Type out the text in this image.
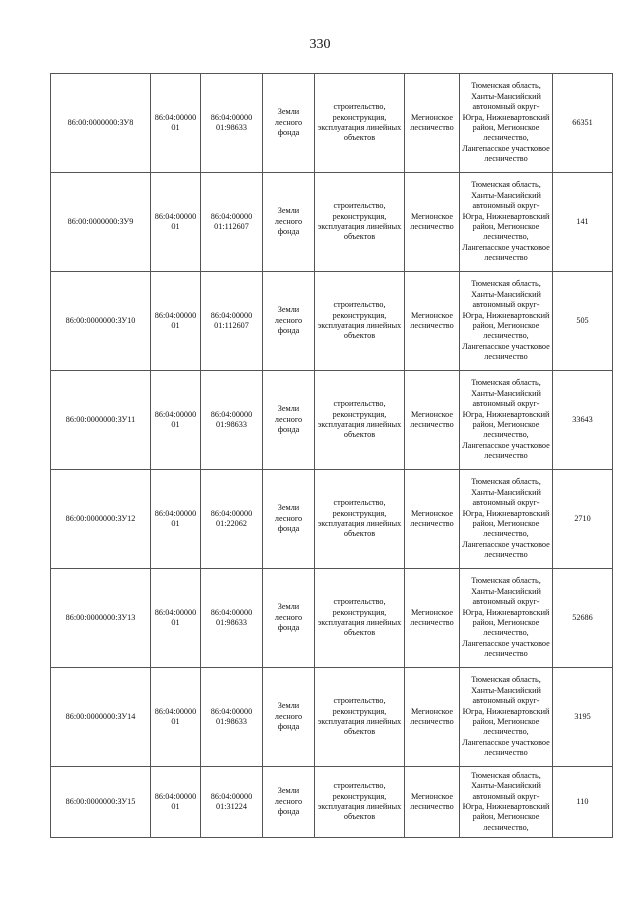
330
86:00:0000000:ЗУ8	86:04:00000 01	86:04:00000 01:98633	Земли лесного фонда	строительство, реконструкция, эксплуатация линейных объектов	Мегионское лесничество	Тюменская область, Ханты-Мансийский автономный округ-Югра, Нижневартовский район, Мегионское лесничество, Лангепасское участковое лесничество	66351
86:00:0000000:ЗУ9	86:04:00000 01	86:04:00000 01:112607	Земли лесного фонда	строительство, реконструкция, эксплуатация линейных объектов	Мегионское лесничество	Тюменская область, Ханты-Мансийский автономный округ-Югра, Нижневартовский район, Мегионское лесничество, Лангепасское участковое лесничество	141
86:00:0000000:ЗУ10	86:04:00000 01	86:04:00000 01:112607	Земли лесного фонда	строительство, реконструкция, эксплуатация линейных объектов	Мегионское лесничество	Тюменская область, Ханты-Мансийский автономный округ-Югра, Нижневартовский район, Мегионское лесничество, Лангепасское участковое лесничество	505
86:00:0000000:ЗУ11	86:04:00000 01	86:04:00000 01:98633	Земли лесного фонда	строительство, реконструкция, эксплуатация линейных объектов	Мегионское лесничество	Тюменская область, Ханты-Мансийский автономный округ-Югра, Нижневартовский район, Мегионское лесничество, Лангепасское участковое лесничество	33643
86:00:0000000:ЗУ12	86:04:00000 01	86:04:00000 01:22062	Земли лесного фонда	строительство, реконструкция, эксплуатация линейных объектов	Мегионское лесничество	Тюменская область, Ханты-Мансийский автономный округ-Югра, Нижневартовский район, Мегионское лесничество, Лангепасское участковое лесничество	2710
86:00:0000000:ЗУ13	86:04:00000 01	86:04:00000 01:98633	Земли лесного фонда	строительство, реконструкция, эксплуатация линейных объектов	Мегионское лесничество	Тюменская область, Ханты-Мансийский автономный округ-Югра, Нижневартовский район, Мегионское лесничество, Лангепасское участковое лесничество	52686
86:00:0000000:ЗУ14	86:04:00000 01	86:04:00000 01:98633	Земли лесного фонда	строительство, реконструкция, эксплуатация линейных объектов	Мегионское лесничество	Тюменская область, Ханты-Мансийский автономный округ-Югра, Нижневартовский район, Мегионское лесничество, Лангепасское участковое лесничество	3195
86:00:0000000:ЗУ15	86:04:00000 01	86:04:00000 01:31224	Земли лесного фонда	строительство, реконструкция, эксплуатация линейных объектов	Мегионское лесничество	Тюменская область, Ханты-Мансийский автономный округ-Югра, Нижневартовский район, Мегионское лесничество,	110
